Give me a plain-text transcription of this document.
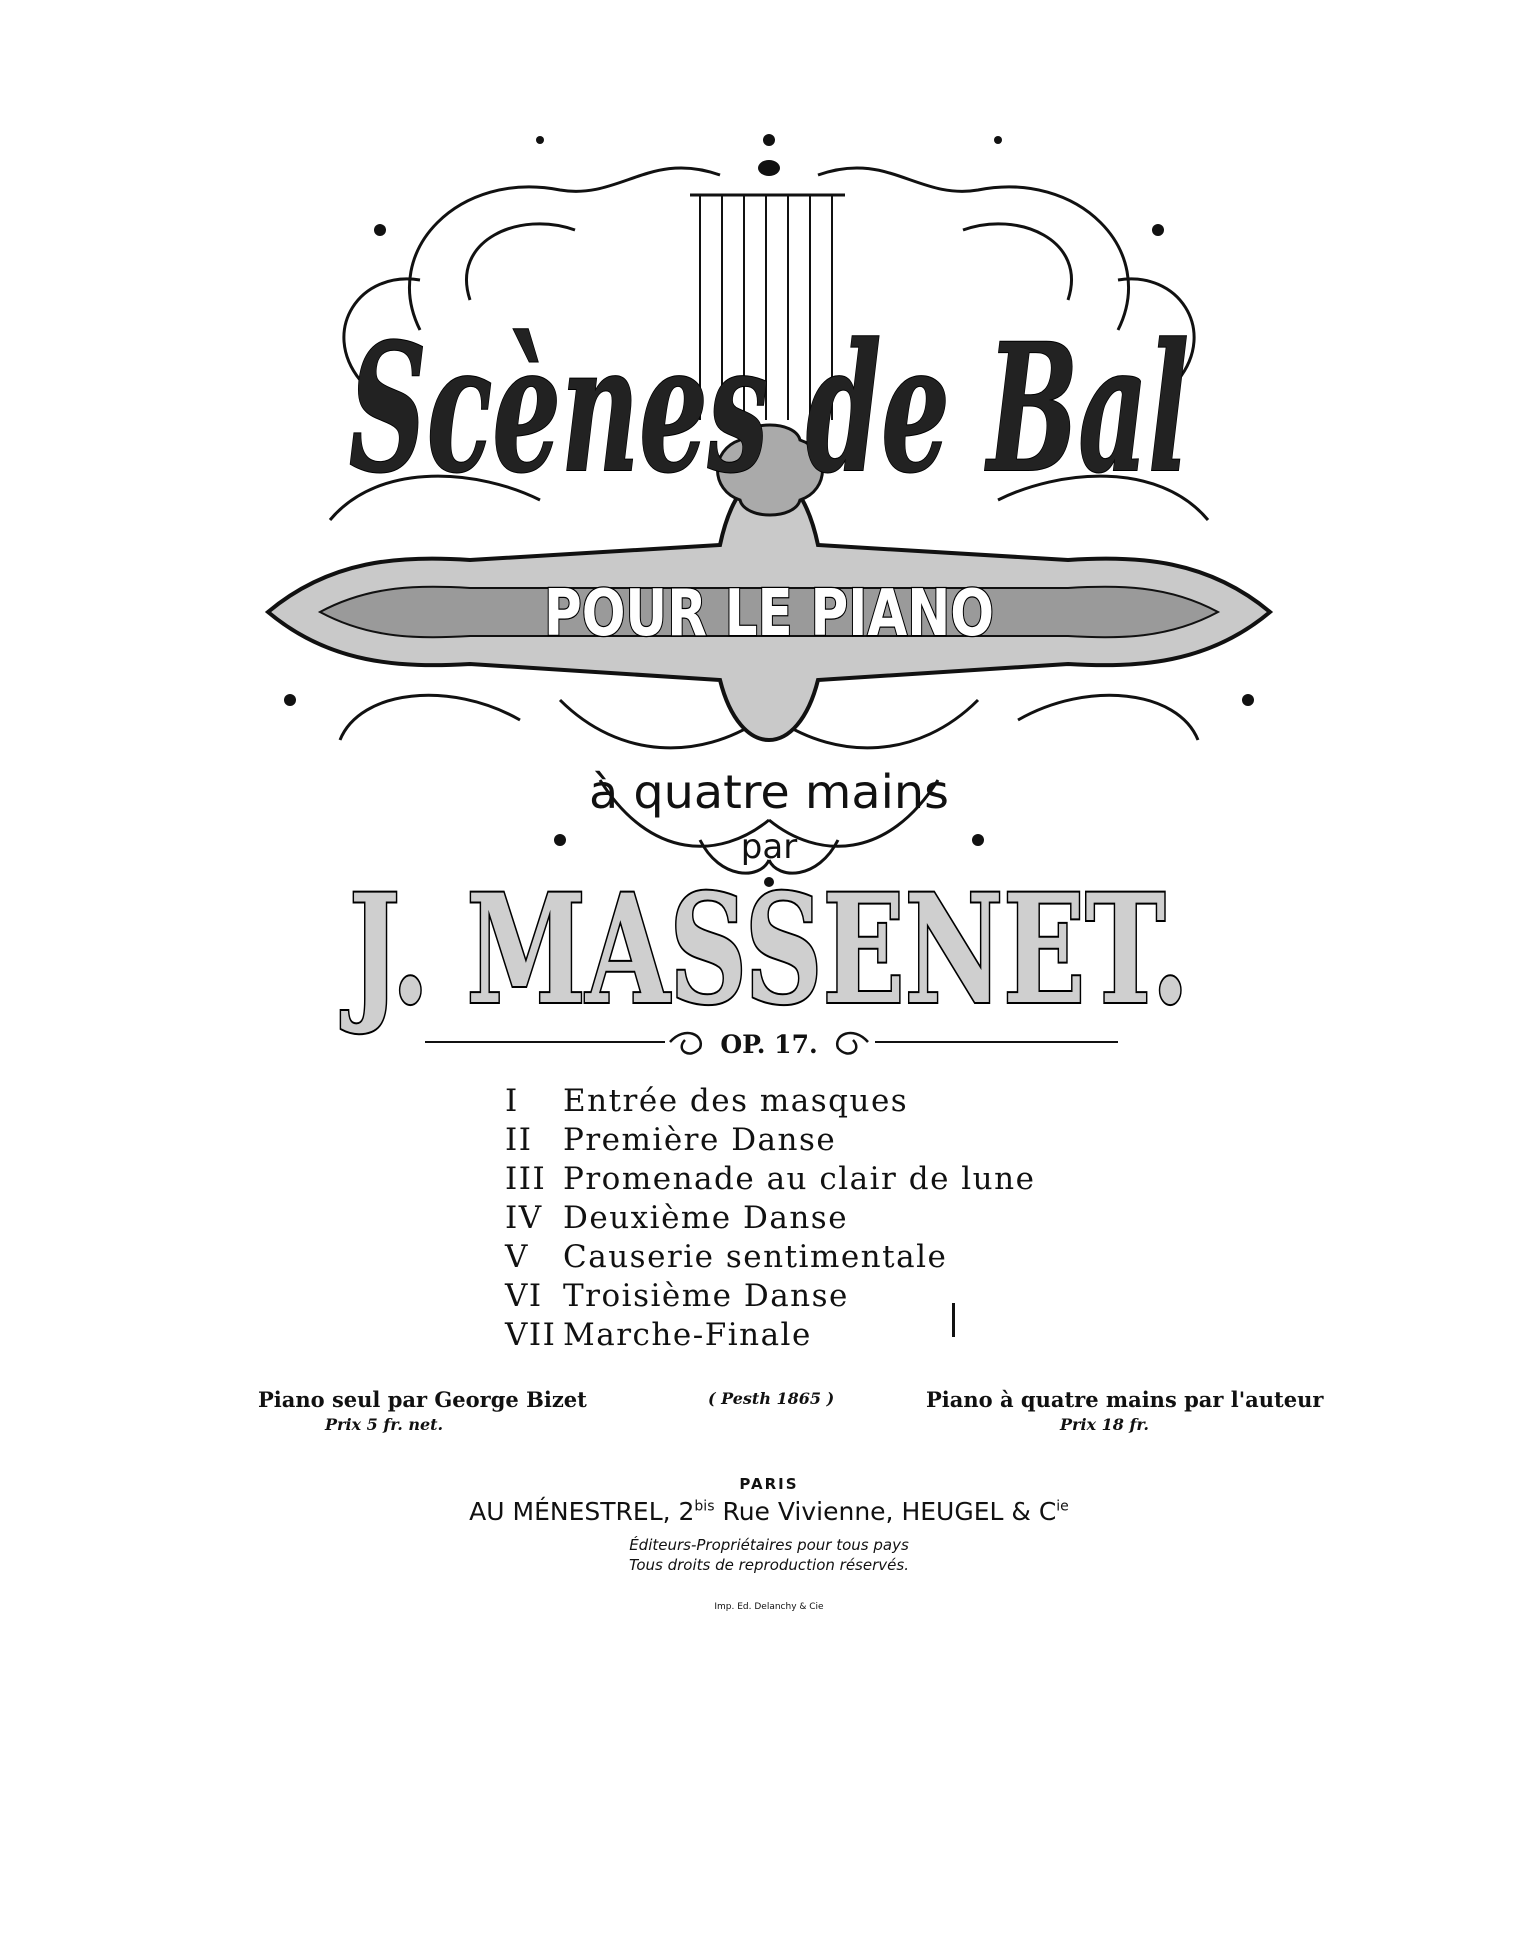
Scènes de Bal
POUR LE PIANO
à quatre mains
par
J. MASSENET.
OP. 17.
I	Entrée des masques
II Première Danse
III Promenade au clair de lune
IV Deuxième Danse
V	Causerie sentimentale
VI Troisième Danse
VII Marche-Finale
Piano seul par George Bizet
Prix 5 fr. net.
( Pesth 1865 )	Piano à quatre mains par l'auteur
Prix 18 fr.
PARIS
AU MÉNESTREL, $2^{bis}$ Rue Vivienne, HEUGEL & $C^{ie}$
Éditeurs-Propriétaires pour tous pays
Tous droits de reproduction réservés.
Imp. Ed. Delanchy & Cie
